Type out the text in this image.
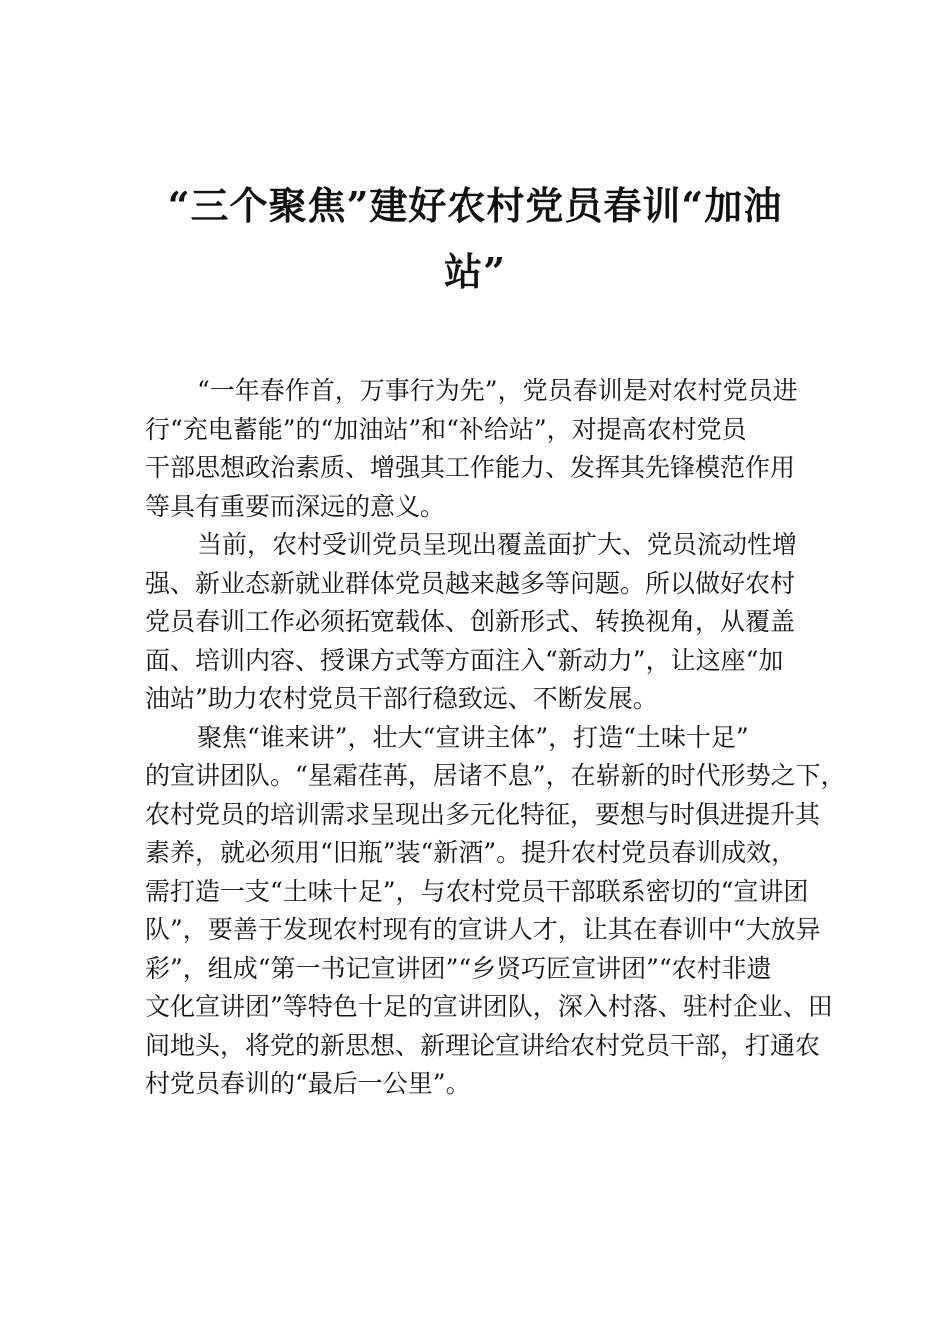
“三个聚焦”建好农村党员春训“加油
站”

“一年春作首，万事行为先”，党员春训是对农村党员进
行“充电蓄能”的“加油站”和“补给站”，对提高农村党员
干部思想政治素质、增强其工作能力、发挥其先锋模范作用
等具有重要而深远的意义。

当前，农村受训党员呈现出覆盖面扩大、党员流动性增
强、新业态新就业群体党员越来越多等问题。所以做好农村
党员春训工作必须拓宽载体、创新形式、转换视角，从覆盖
面、培训内容、授课方式等方面注入“新动力”，让这座“加
油站”助力农村党员干部行稳致远、不断发展。

聚焦“谁来讲”，壮大“宣讲主体”，打造“土味十足”
的宣讲团队。“星霜荏苒，居诸不息”，在崭新的时代形势之下，
农村党员的培训需求呈现出多元化特征，要想与时俱进提升其
素养，就必须用“旧瓶”装“新酒”。提升农村党员春训成效，
需打造一支“土味十足”，与农村党员干部联系密切的“宣讲团
队”，要善于发现农村现有的宣讲人才，让其在春训中“大放异
彩”，组成“第一书记宣讲团”“乡贤巧匠宣讲团”“农村非遗
文化宣讲团”等特色十足的宣讲团队，深入村落、驻村企业、田
间地头，将党的新思想、新理论宣讲给农村党员干部，打通农
村党员春训的“最后一公里”。
